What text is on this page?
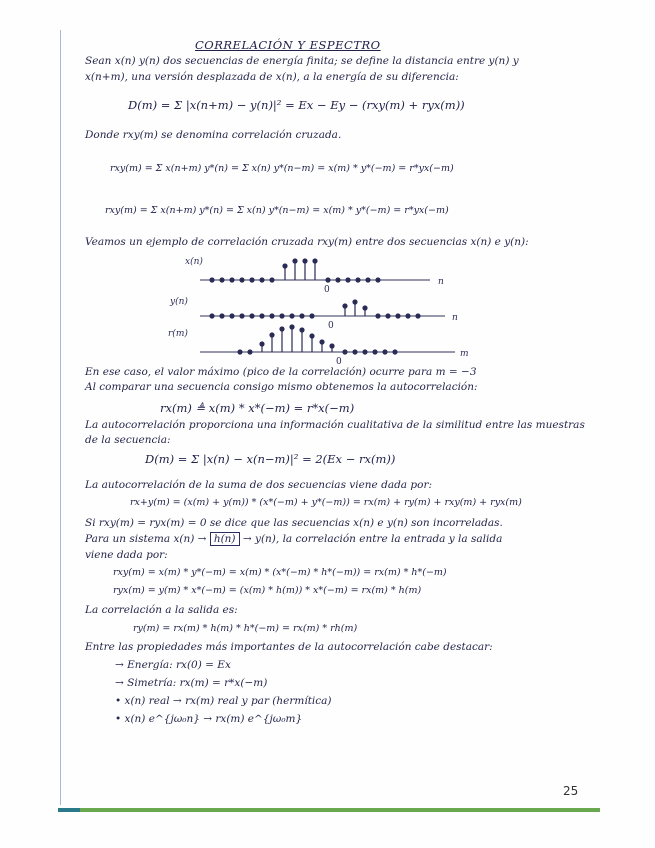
CORRELACIÓN Y ESPECTRO
Sean x(n) y(n) dos secuencias de energía finita; se define la distancia entre y(n) y
x(n+m), una versión desplazada de x(n), a la energía de su diferencia:
D(m) = Σ |x(n+m) − y(n)|² = Ex − Ey − (rxy(m) + ryx(m))
Donde rxy(m) se denomina correlación cruzada.
rxy(m) = Σ x(n+m) y*(n) = Σ x(n) y*(n−m) = x(m) * y*(−m) = r*yx(−m)
rxy(m) = Σ x(n+m) y*(n) = Σ x(n) y*(n−m) = x(m) * y*(−m) = r*yx(−m)
Veamos un ejemplo de correlación cruzada rxy(m) entre dos secuencias x(n) e y(n):
x(n)
0
n
y(n)
0
n
r(m)
0
m
En ese caso, el valor máximo (pico de la correlación) ocurre para m = −3
Al comparar una secuencia consigo mismo obtenemos la autocorrelación:
rx(m) ≜ x(m) * x*(−m) = r*x(−m)
La autocorrelación proporciona una información cualitativa de la similitud entre las muestras
de la secuencia:
D(m) = Σ |x(n) − x(n−m)|² = 2(Ex − rx(m))
La autocorrelación de la suma de dos secuencias viene dada por:
rx+y(m) = (x(m) + y(m)) * (x*(−m) + y*(−m)) = rx(m) + ry(m) + rxy(m) + ryx(m)
Si rxy(m) = ryx(m) = 0 se dice que las secuencias x(n) e y(n) son incorreladas.
Para un sistema x(n) → h(n) → y(n), la correlación entre la entrada y la salida
viene dada por:
rxy(m) = x(m) * y*(−m) = x(m) * (x*(−m) * h*(−m)) = rx(m) * h*(−m)
ryx(m) = y(m) * x*(−m) = (x(m) * h(m)) * x*(−m) = rx(m) * h(m)
La correlación a la salida es:
ry(m) = rx(m) * h(m) * h*(−m) = rx(m) * rh(m)
Entre las propiedades más importantes de la autocorrelación cabe destacar:
→ Energía: rx(0) = Ex
→ Simetría: rx(m) = r*x(−m)
• x(n) real → rx(m) real y par (hermítica)
• x(n) e^{jω₀n} → rx(m) e^{jω₀m}
25
